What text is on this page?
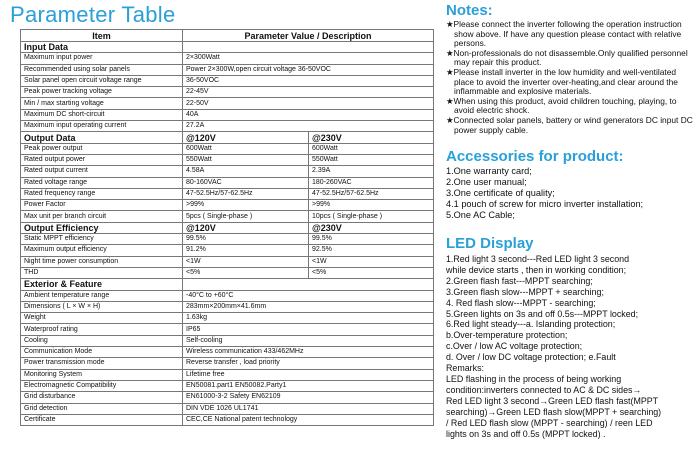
Parameter Table
Item	Parameter Value / Description	
Input Data		
Maximum input power	2×300Watt	
Recommended using solar panels	Power 2×300W,open circuit voltage 36-50VOC	
Solar panel open circuit voltage range	36-50VOC	
Peak power tracking voltage	22-45V	
Min / max starting voltage	22-50V	
Maximum DC short-circuit	40A	
Maximum input operating current	27.2A	
Output Data	@120V	@230V
Peak power output	600Watt	600Watt
Rated output power	550Watt	550Watt
Rated output current	4.58A	2.39A
Rated voltage range	80-160VAC	180-260VAC
Rated frequency range	47-52.5Hz/57-62.5Hz	47-52.5Hz/57-62.5Hz
Power Factor	>99%	>99%
Max unit per branch circuit	5pcs ( Single-phase )	10pcs ( Single-phase )
Output Efficiency	@120V	@230V
Static MPPT efficiency	99.5%	99.5%
Maximum output efficiency	91.2%	92.5%
Night time power consumption	<1W	<1W
THD	<5%	<5%
Exterior & Feature		
Ambient temperature range	-40°C to +60°C	
Dimensions ( L × W × H)	283mm×200mm×41.6mm	
Weight	1.63kg	
Waterproof rating	IP65	
Cooling	Self-cooling	
Communication Mode	Wireless communication 433/462MHz	
Power transmission mode	Reverse transfer , load priority	
Monitoring System	Lifetime free	
Electromagnetic Compatibility	EN50081.part1 EN50082.Party1	
Grid disturbance	EN61000-3-2 Safety EN62109	
Grid detection	DIN VDE 1026 UL1741	
Certificate	CEC,CE National patent technology	
Notes:

★Please connect the inverter following the operation instruction show above. If have any question please contact with relative persons.

★Non-professionals do not disassemble.Only qualified personnel may repair this product.

★Please install inverter in the low humidity and well-ventilated place to avoid the inverter over-heating,and clear around the inflammable and explosive materials.

★When using this product, avoid children touching, playing, to avoid electric shock.

★Connected solar panels, battery or wind generators DC input DC power supply cable.

Accessories for product:

1.One warranty card;

2.One user manual;

3.One certificate of quality;

4.1 pouch of screw for micro inverter installation;

5.One AC Cable;

LED Display

1.Red light 3 second---Red LED light 3 second

while device starts , then in working condition;

2.Green flash fast---MPPT searching;

3.Green flash slow---MPPT + searching;

4. Red flash slow---MPPT - searching;

5.Green lights on 3s and off 0.5s---MPPT locked;

6.Red light steady---a. Islanding protection;

b.Over-temperature protection;

c.Over / low AC voltage protection;

d. Over / low DC voltage protection; e.Fault

Remarks:

LED flashing in the process of being working

condition:inverters connected to AC & DC sides→

Red LED light 3 second→Green LED flash fast(MPPT

searching)→Green LED flash slow(MPPT + searching)

/ Red LED flash slow (MPPT - searching) / reen LED

lights on 3s and off 0.5s (MPPT locked) .
